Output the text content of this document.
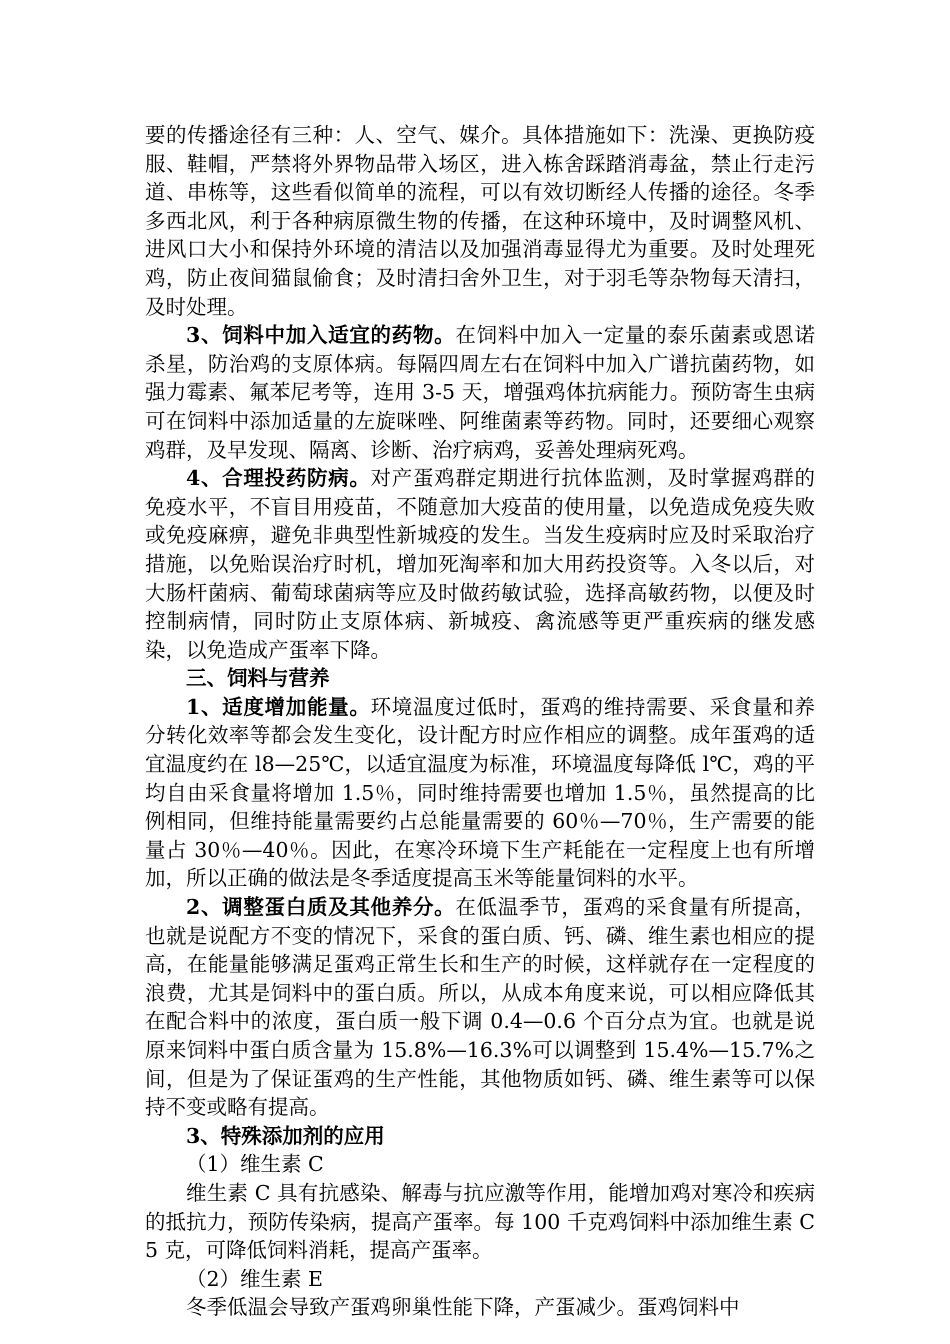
要的传播途径有三种：人、空气、媒介。具体措施如下：洗澡、更换防疫服、鞋帽，严禁将外界物品带入场区，进入栋舍踩踏消毒盆，禁止行走污道、串栋等，这些看似简单的流程，可以有效切断经人传播的途径。冬季多西北风，利于各种病原微生物的传播，在这种环境中，及时调整风机、进风口大小和保持外环境的清洁以及加强消毒显得尤为重要。及时处理死鸡，防止夜间猫鼠偷食；及时清扫舍外卫生，对于羽毛等杂物每天清扫，及时处理。

3、饲料中加入适宜的药物。在饲料中加入一定量的泰乐菌素或恩诺杀星，防治鸡的支原体病。每隔四周左右在饲料中加入广谱抗菌药物，如强力霉素、氟苯尼考等，连用 3-5 天，增强鸡体抗病能力。预防寄生虫病可在饲料中添加适量的左旋咪唑、阿维菌素等药物。同时，还要细心观察鸡群，及早发现、隔离、诊断、治疗病鸡，妥善处理病死鸡。

4、合理投药防病。对产蛋鸡群定期进行抗体监测，及时掌握鸡群的免疫水平，不盲目用疫苗，不随意加大疫苗的使用量，以免造成免疫失败或免疫麻痹，避免非典型性新城疫的发生。当发生疫病时应及时采取治疗措施，以免贻误治疗时机，增加死淘率和加大用药投资等。入冬以后，对大肠杆菌病、葡萄球菌病等应及时做药敏试验，选择高敏药物，以便及时控制病情，同时防止支原体病、新城疫、禽流感等更严重疾病的继发感染，以免造成产蛋率下降。

三、饲料与营养

1、适度增加能量。环境温度过低时，蛋鸡的维持需要、采食量和养分转化效率等都会发生变化，设计配方时应作相应的调整。成年蛋鸡的适宜温度约在 l8—25℃，以适宜温度为标准，环境温度每降低 l℃，鸡的平均自由采食量将增加 1.5％，同时维持需要也增加 1.5％，虽然提高的比例相同，但维持能量需要约占总能量需要的 60％—70％，生产需要的能量占 30％—40％。因此，在寒冷环境下生产耗能在一定程度上也有所增加，所以正确的做法是冬季适度提高玉米等能量饲料的水平。

2、调整蛋白质及其他养分。在低温季节，蛋鸡的采食量有所提高，也就是说配方不变的情况下，采食的蛋白质、钙、磷、维生素也相应的提高，在能量能够满足蛋鸡正常生长和生产的时候，这样就存在一定程度的浪费，尤其是饲料中的蛋白质。所以，从成本角度来说，可以相应降低其在配合料中的浓度，蛋白质一般下调 0.4—0.6 个百分点为宜。也就是说原来饲料中蛋白质含量为 15.8%—16.3%可以调整到 15.4%—15.7%之间，但是为了保证蛋鸡的生产性能，其他物质如钙、磷、维生素等可以保持不变或略有提高。

3、特殊添加剂的应用

（1）维生素 C

维生素 C 具有抗感染、解毒与抗应激等作用，能增加鸡对寒冷和疾病的抵抗力，预防传染病，提高产蛋率。每 100 千克鸡饲料中添加维生素 C 5 克，可降低饲料消耗，提高产蛋率。

（2）维生素 E

冬季低温会导致产蛋鸡卵巢性能下降，产蛋减少。蛋鸡饲料中
